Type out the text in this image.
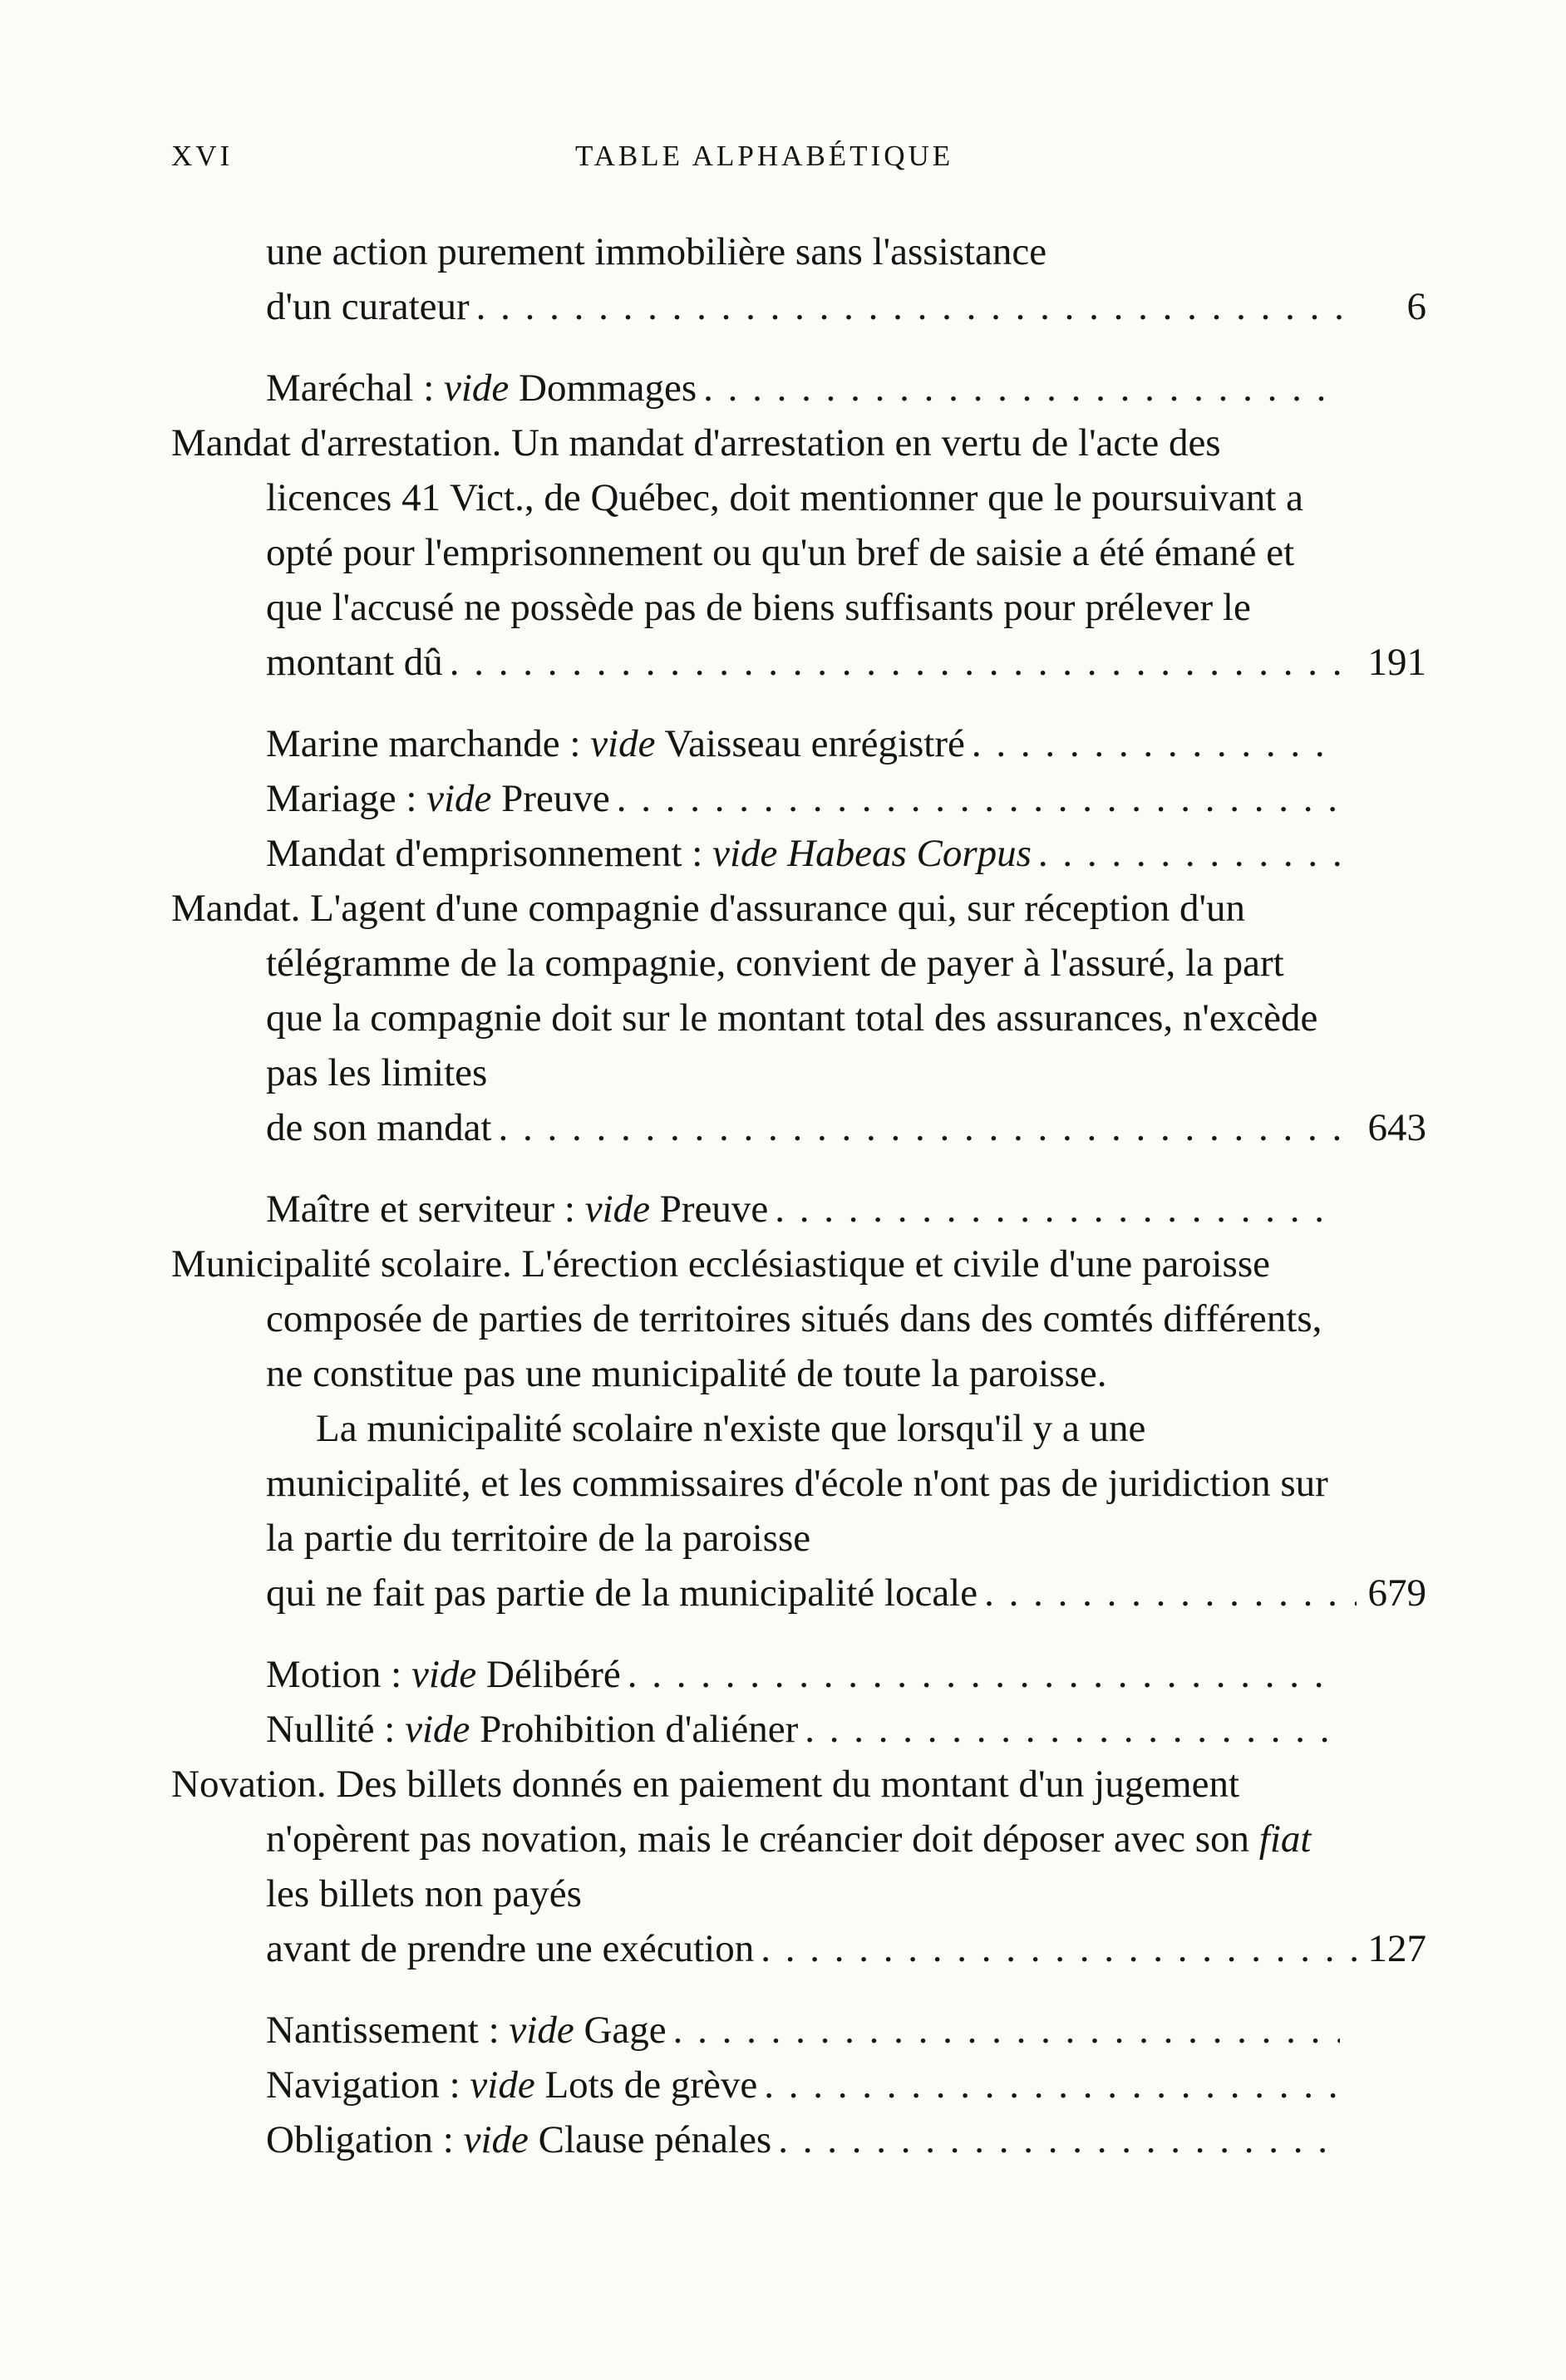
XVI	TABLE ALPHABÉTIQUE
une action purement immobilière sans l'assistance
d'un curateur . . .	6
Maréchal : vide Dommages
. . .
Mandat d'arrestation. Un mandat d'arrestation en vertu de l'acte des licences 41 Vict., de Québec, doit mentionner que le poursuivant a opté pour l'emprisonnement ou qu'un bref de saisie a été émané et que l'accusé ne possède pas de biens suffisants pour prélever le
montant dû . . .	191
Marine marchande : vide Vaisseau enrégistré
. . .
Mariage : vide Preuve
. . .
Mandat d'emprisonnement : vide Habeas Corpus
. . .
Mandat. L'agent d'une compagnie d'assurance qui, sur réception d'un télégramme de la compagnie, convient de payer à l'assuré, la part que la compagnie doit sur le montant total des assurances, n'excède pas les limites
de son mandat . . .	643
Maître et serviteur : vide Preuve
. . .
Municipalité scolaire. L'érection ecclésiastique et civile d'une paroisse composée de parties de territoires situés dans des comtés différents, ne constitue pas une municipalité de toute la paroisse.
La municipalité scolaire n'existe que lorsqu'il y a une municipalité, et les commissaires d'école n'ont pas de juridiction sur la partie du territoire de la paroisse
qui ne fait pas partie de la municipalité locale . . .	679
Motion : vide Délibéré
. . .
Nullité : vide Prohibition d'aliéner
. . .
Novation. Des billets donnés en paiement du montant d'un jugement n'opèrent pas novation, mais le créancier doit déposer avec son fiat les billets non payés
avant de prendre une exécution . . .	127
Nantissement : vide Gage
. . .
Navigation : vide Lots de grève
. . .
Obligation : vide Clause pénales
. . .
